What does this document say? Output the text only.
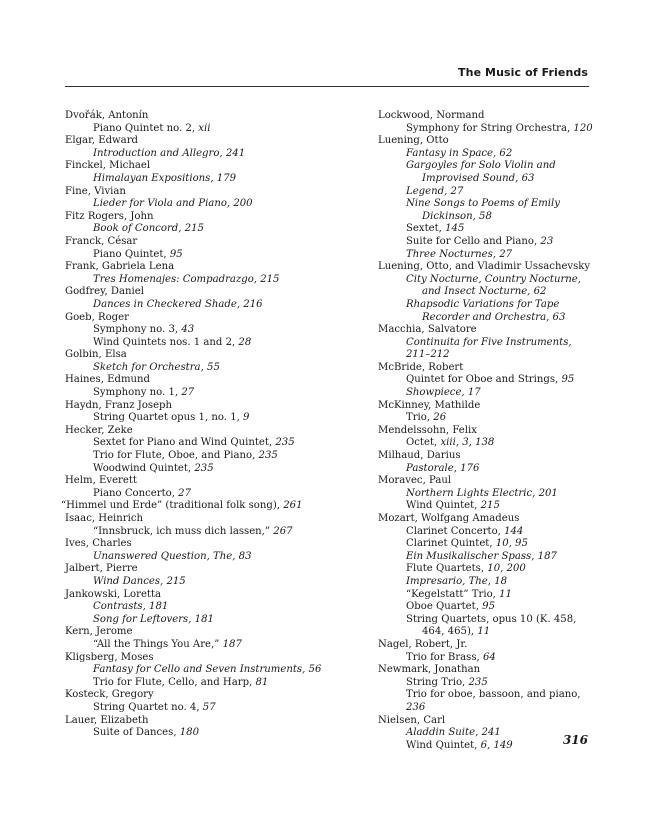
The Music of Friends
Dvořák, Antonín
Piano Quintet no. 2, xii
Elgar, Edward
Introduction and Allegro, 241
Finckel, Michael
Himalayan Expositions, 179
Fine, Vivian
Lieder for Viola and Piano, 200
Fitz Rogers, John
Book of Concord, 215
Franck, César
Piano Quintet, 95
Frank, Gabriela Lena
Tres Homenajes: Compadrazgo, 215
Godfrey, Daniel
Dances in Checkered Shade, 216
Goeb, Roger
Symphony no. 3, 43
Wind Quintets nos. 1 and 2, 28
Golbin, Elsa
Sketch for Orchestra, 55
Haines, Edmund
Symphony no. 1, 27
Haydn, Franz Joseph
String Quartet opus 1, no. 1, 9
Hecker, Zeke
Sextet for Piano and Wind Quintet, 235
Trio for Flute, Oboe, and Piano, 235
Woodwind Quintet, 235
Helm, Everett
Piano Concerto, 27
“Himmel und Erde” (traditional folk song), 261
Isaac, Heinrich
“Innsbruck, ich muss dich lassen,” 267
Ives, Charles
Unanswered Question, The, 83
Jalbert, Pierre
Wind Dances, 215
Jankowski, Loretta
Contrasts, 181
Song for Leftovers, 181
Kern, Jerome
“All the Things You Are,” 187
Kligsberg, Moses
Fantasy for Cello and Seven Instruments, 56
Trio for Flute, Cello, and Harp, 81
Kosteck, Gregory
String Quartet no. 4, 57
Lauer, Elizabeth
Suite of Dances, 180
Lockwood, Normand
Symphony for String Orchestra, 120
Luening, Otto
Fantasy in Space, 62
Gargoyles for Solo Violin and Improvised Sound, 63
Legend, 27
Nine Songs to Poems of Emily Dickinson, 58
Sextet, 145
Suite for Cello and Piano, 23
Three Nocturnes, 27
Luening, Otto, and Vladimir Ussachevsky
City Nocturne, Country Nocturne, and Insect Nocturne, 62
Rhapsodic Variations for Tape Recorder and Orchestra, 63
Macchia, Salvatore
Continuita for Five Instruments, 211–212
McBride, Robert
Quintet for Oboe and Strings, 95
Showpiece, 17
McKinney, Mathilde
Trio, 26
Mendelssohn, Felix
Octet, xiii, 3, 138
Milhaud, Darius
Pastorale, 176
Moravec, Paul
Northern Lights Electric, 201
Wind Quintet, 215
Mozart, Wolfgang Amadeus
Clarinet Concerto, 144
Clarinet Quintet, 10, 95
Ein Musikalischer Spass, 187
Flute Quartets, 10, 200
Impresario, The, 18
“Kegelstatt” Trio, 11
Oboe Quartet, 95
String Quartets, opus 10 (K. 458, 464, 465), 11
Nagel, Robert, Jr.
Trio for Brass, 64
Newmark, Jonathan
String Trio, 235
Trio for oboe, bassoon, and piano, 236
Nielsen, Carl
Aladdin Suite, 241
Wind Quintet, 6, 149	316
